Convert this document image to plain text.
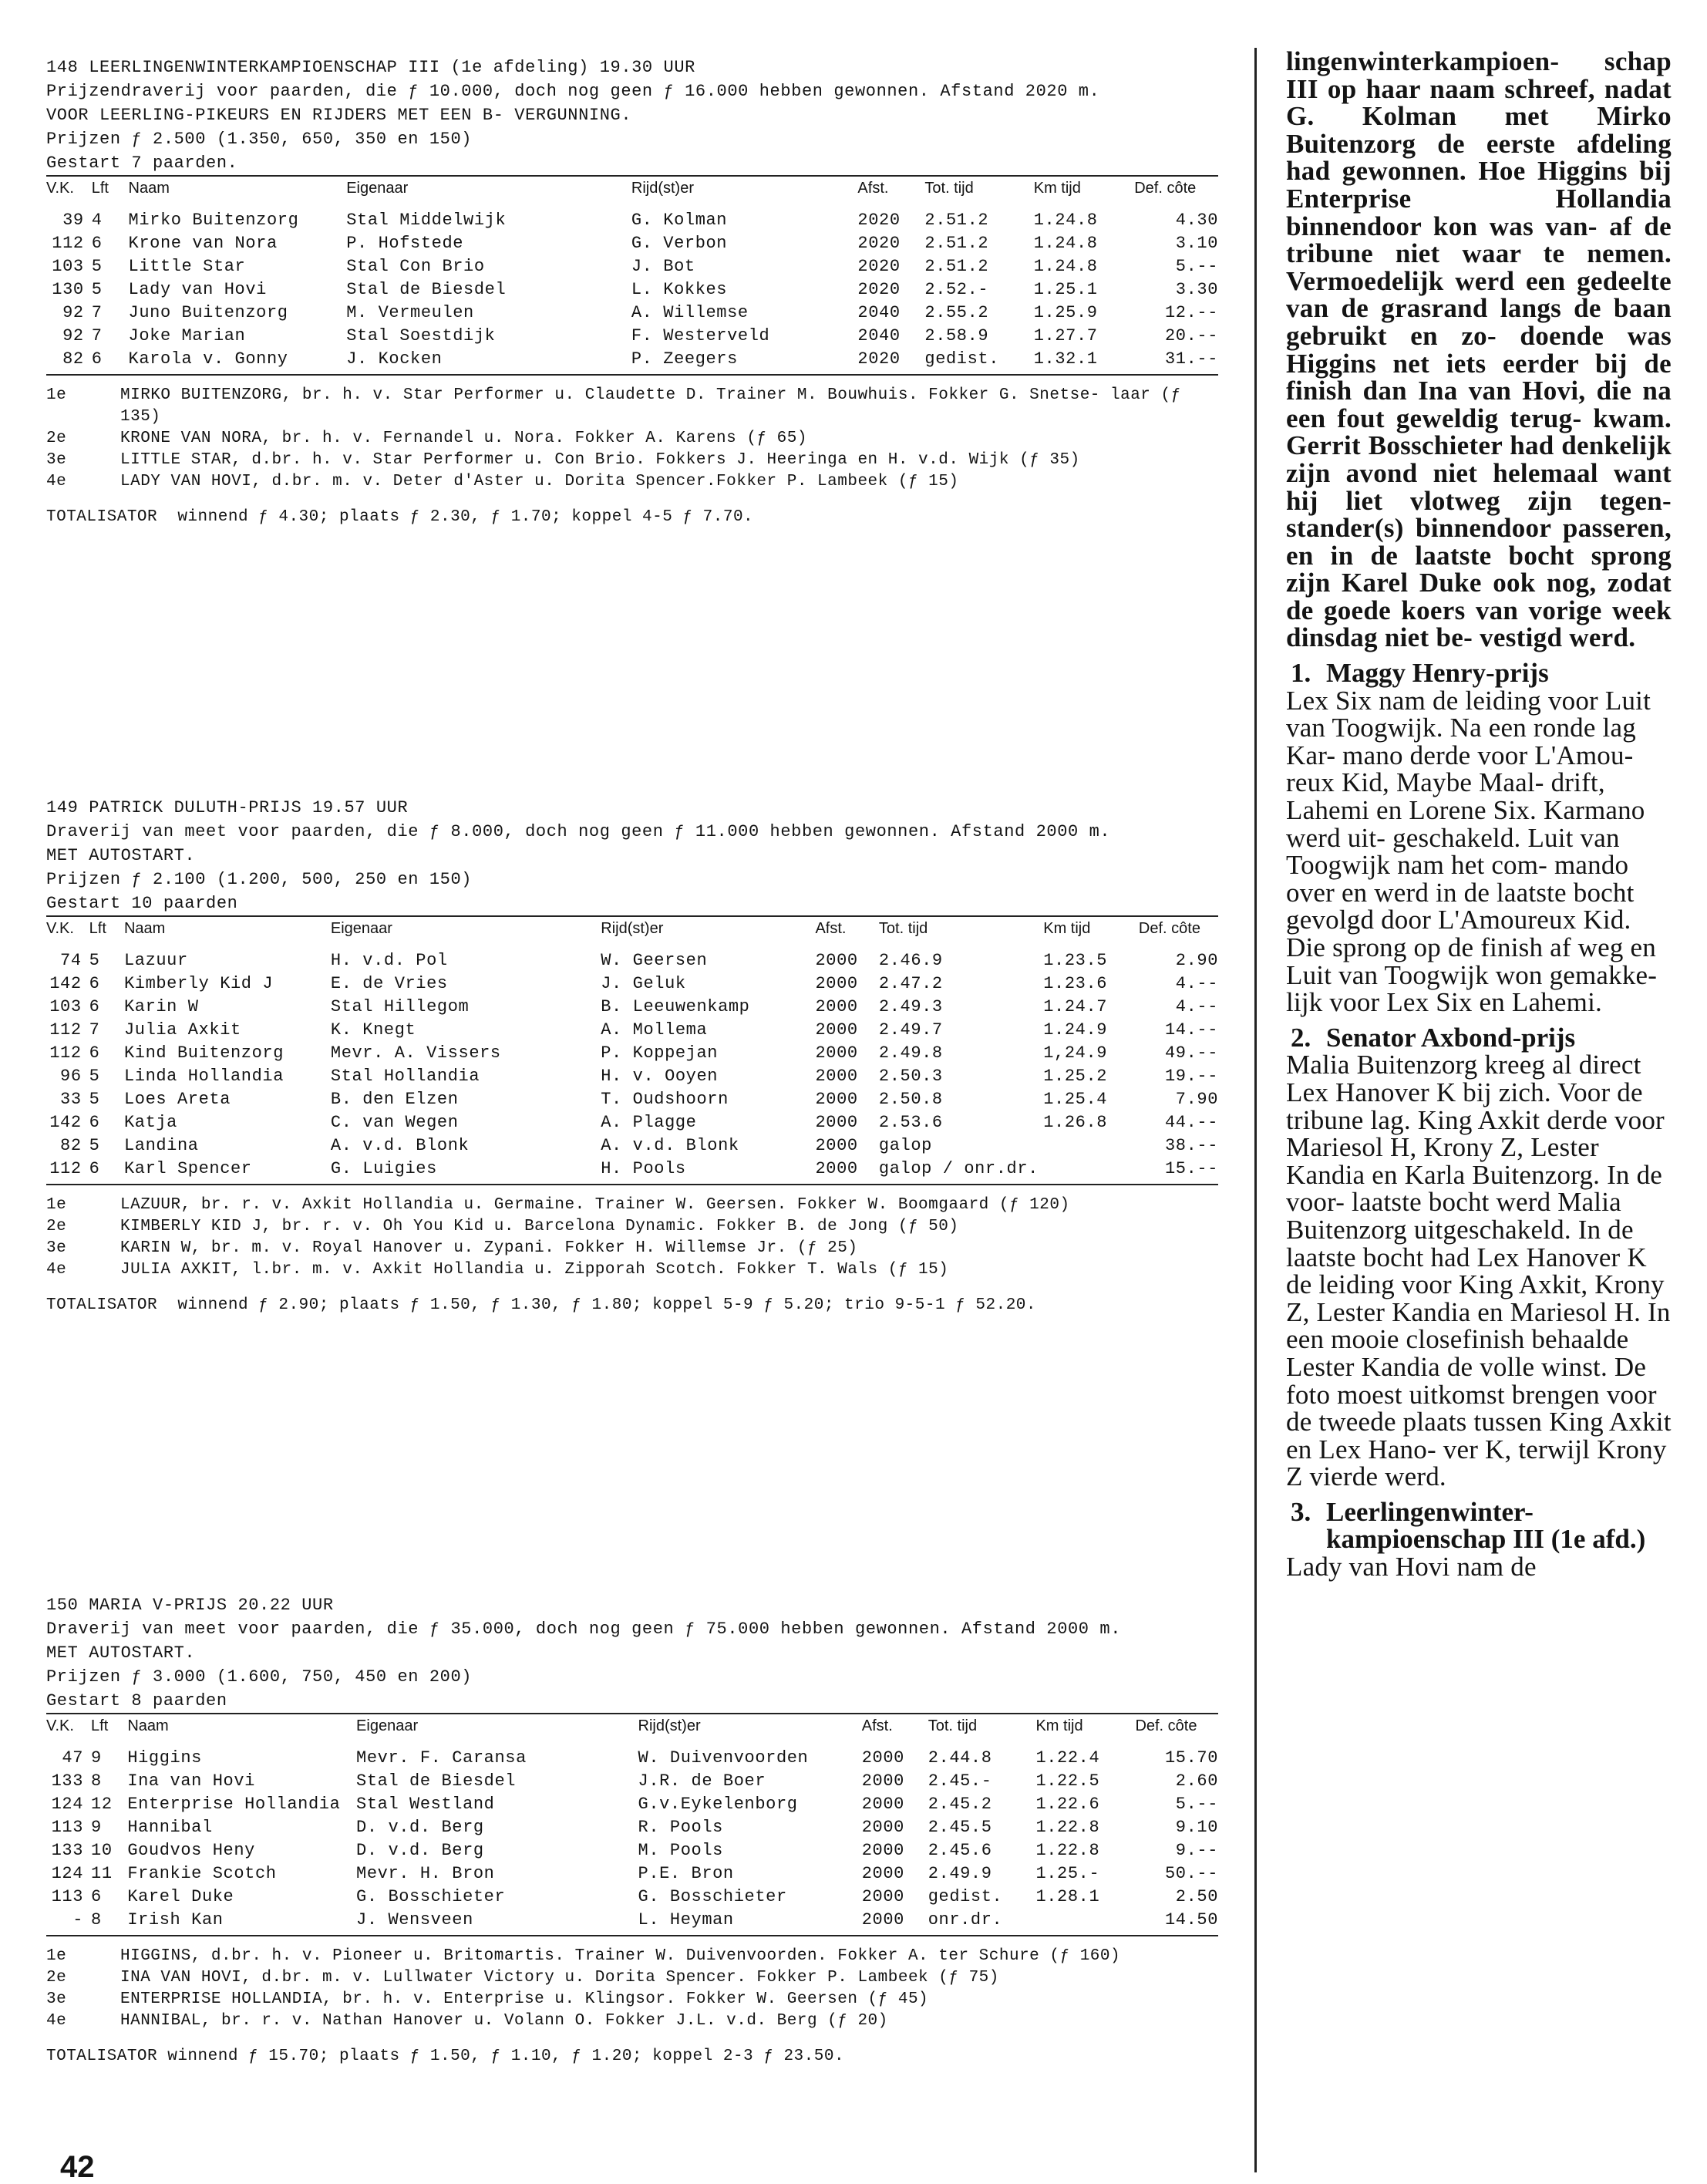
148 LEERLINGENWINTERKAMPIOENSCHAP III (1e afdeling) 19.30 UUR
Prijzendraverij voor paarden, die ƒ 10.000, doch nog geen ƒ 16.000 hebben gewonnen. Afstand 2020 m.
VOOR LEERLING-PIKEURS EN RIJDERS MET EEN B- VERGUNNING.
Prijzen ƒ 2.500 (1.350, 650, 350 en 150)
Gestart 7 paarden.
V.K.	Lft	Naam	Eigenaar	Rijd(st)er	Afst.	Tot. tijd	Km tijd	Def. côte
39	4	Mirko Buitenzorg	Stal Middelwijk	G. Kolman	2020	2.51.2	1.24.8	4.30
112	6	Krone van Nora	P. Hofstede	G. Verbon	2020	2.51.2	1.24.8	3.10
103	5	Little Star	Stal Con Brio	J. Bot	2020	2.51.2	1.24.8	5.--
130	5	Lady van Hovi	Stal de Biesdel	L. Kokkes	2020	2.52.-	1.25.1	3.30
92	7	Juno Buitenzorg	M. Vermeulen	A. Willemse	2040	2.55.2	1.25.9	12.--
92	7	Joke Marian	Stal Soestdijk	F. Westerveld	2040	2.58.9	1.27.7	20.--
82	6	Karola v. Gonny	J. Kocken	P. Zeegers	2020	gedist.	1.32.1	31.--
1e	MIRKO BUITENZORG, br. h. v. Star Performer u. Claudette D. Trainer M. Bouwhuis. Fokker G. Snetse- laar (ƒ 135)
2e	KRONE VAN NORA, br. h. v. Fernandel u. Nora. Fokker A. Karens (ƒ 65)
3e	LITTLE STAR, d.br. h. v. Star Performer u. Con Brio. Fokkers J. Heeringa en H. v.d. Wijk (ƒ 35)
4e	LADY VAN HOVI, d.br. m. v. Deter d'Aster u. Dorita Spencer.Fokker P. Lambeek (ƒ 15)
TOTALISATOR  winnend ƒ 4.30; plaats ƒ 2.30, ƒ 1.70; koppel 4-5 ƒ 7.70.
149 PATRICK DULUTH-PRIJS 19.57 UUR
Draverij van meet voor paarden, die ƒ 8.000, doch nog geen ƒ 11.000 hebben gewonnen. Afstand 2000 m.
MET AUTOSTART.
Prijzen ƒ 2.100 (1.200, 500, 250 en 150)
Gestart 10 paarden
V.K.	Lft	Naam	Eigenaar	Rijd(st)er	Afst.	Tot. tijd	Km tijd	Def. côte
74	5	Lazuur	H. v.d. Pol	W. Geersen	2000	2.46.9	1.23.5	2.90
142	6	Kimberly Kid J	E. de Vries	J. Geluk	2000	2.47.2	1.23.6	4.--
103	6	Karin W	Stal Hillegom	B. Leeuwenkamp	2000	2.49.3	1.24.7	4.--
112	7	Julia Axkit	K. Knegt	A. Mollema	2000	2.49.7	1.24.9	14.--
112	6	Kind Buitenzorg	Mevr. A. Vissers	P. Koppejan	2000	2.49.8	1,24.9	49.--
96	5	Linda Hollandia	Stal Hollandia	H. v. Ooyen	2000	2.50.3	1.25.2	19.--
33	5	Loes Areta	B. den Elzen	T. Oudshoorn	2000	2.50.8	1.25.4	7.90
142	6	Katja	C. van Wegen	A. Plagge	2000	2.53.6	1.26.8	44.--
82	5	Landina	A. v.d. Blonk	A. v.d. Blonk	2000	galop		38.--
112	6	Karl Spencer	G. Luigies	H. Pools	2000	galop / onr.dr.		15.--
1e	LAZUUR, br. r. v. Axkit Hollandia u. Germaine. Trainer W. Geersen. Fokker W. Boomgaard (ƒ 120)
2e	KIMBERLY KID J, br. r. v. Oh You Kid u. Barcelona Dynamic. Fokker B. de Jong (ƒ 50)
3e	KARIN W, br. m. v. Royal Hanover u. Zypani. Fokker H. Willemse Jr. (ƒ 25)
4e	JULIA AXKIT, l.br. m. v. Axkit Hollandia u. Zipporah Scotch. Fokker T. Wals (ƒ 15)
TOTALISATOR  winnend ƒ 2.90; plaats ƒ 1.50, ƒ 1.30, ƒ 1.80; koppel 5-9 ƒ 5.20; trio 9-5-1 ƒ 52.20.
150 MARIA V-PRIJS 20.22 UUR
Draverij van meet voor paarden, die ƒ 35.000, doch nog geen ƒ 75.000 hebben gewonnen. Afstand 2000 m.
MET AUTOSTART.
Prijzen ƒ 3.000 (1.600, 750, 450 en 200)
Gestart 8 paarden
V.K.	Lft	Naam	Eigenaar	Rijd(st)er	Afst.	Tot. tijd	Km tijd	Def. côte
47	9	Higgins	Mevr. F. Caransa	W. Duivenvoorden	2000	2.44.8	1.22.4	15.70
133	8	Ina van Hovi	Stal de Biesdel	J.R. de Boer	2000	2.45.-	1.22.5	2.60
124	12	Enterprise Hollandia	Stal Westland	G.v.Eykelenborg	2000	2.45.2	1.22.6	5.--
113	9	Hannibal	D. v.d. Berg	R. Pools	2000	2.45.5	1.22.8	9.10
133	10	Goudvos Heny	D. v.d. Berg	M. Pools	2000	2.45.6	1.22.8	9.--
124	11	Frankie Scotch	Mevr. H. Bron	P.E. Bron	2000	2.49.9	1.25.-	50.--
113	6	Karel Duke	G. Bosschieter	G. Bosschieter	2000	gedist.	1.28.1	2.50
-	8	Irish Kan	J. Wensveen	L. Heyman	2000	onr.dr.		14.50
1e	HIGGINS, d.br. h. v. Pioneer u. Britomartis. Trainer W. Duivenvoorden. Fokker A. ter Schure (ƒ 160)
2e	INA VAN HOVI, d.br. m. v. Lullwater Victory u. Dorita Spencer. Fokker P. Lambeek (ƒ 75)
3e	ENTERPRISE HOLLANDIA, br. h. v. Enterprise u. Klingsor. Fokker W. Geersen (ƒ 45)
4e	HANNIBAL, br. r. v. Nathan Hanover u. Volann O. Fokker J.L. v.d. Berg (ƒ 20)
TOTALISATOR winnend ƒ 15.70; plaats ƒ 1.50, ƒ 1.10, ƒ 1.20; koppel 2-3 ƒ 23.50.
lingenwinterkampioen- schap III op haar naam schreef, nadat G. Kolman met Mirko Buitenzorg de eerste afdeling had gewonnen. Hoe Higgins bij Enterprise Hollandia binnendoor kon was van- af de tribune niet waar te nemen. Vermoedelijk werd een gedeelte van de grasrand langs de baan gebruikt en zo- doende was Higgins net iets eerder bij de finish dan Ina van Hovi, die na een fout geweldig terug- kwam. Gerrit Bosschieter had denkelijk zijn avond niet helemaal want hij liet vlotweg zijn tegen- stander(s) binnendoor passeren, en in de laatste bocht sprong zijn Karel Duke ook nog, zodat de goede koers van vorige week dinsdag niet be- vestigd werd.
1. Maggy Henry-prijs
Lex Six nam de leiding voor Luit van Toogwijk. Na een ronde lag Kar- mano derde voor L'Amou- reux Kid, Maybe Maal- drift, Lahemi en Lorene Six. Karmano werd uit- geschakeld. Luit van Toogwijk nam het com- mando over en werd in de laatste bocht gevolgd door L'Amoureux Kid. Die sprong op de finish af weg en Luit van Toogwijk won gemakke- lijk voor Lex Six en Lahemi.
2. Senator Axbond-prijs
Malia Buitenzorg kreeg al direct Lex Hanover K bij zich. Voor de tribune lag. King Axkit derde voor Mariesol H, Krony Z, Lester Kandia en Karla Buitenzorg. In de voor- laatste bocht werd Malia Buitenzorg uitgeschakeld. In de laatste bocht had Lex Hanover K de leiding voor King Axkit, Krony Z, Lester Kandia en Mariesol H. In een mooie closefinish behaalde Lester Kandia de volle winst. De foto moest uitkomst brengen voor de tweede plaats tussen King Axkit en Lex Hano- ver K, terwijl Krony Z vierde werd.
3. Leerlingenwinter- kampioenschap III (1e afd.)
Lady van Hovi nam de
42
